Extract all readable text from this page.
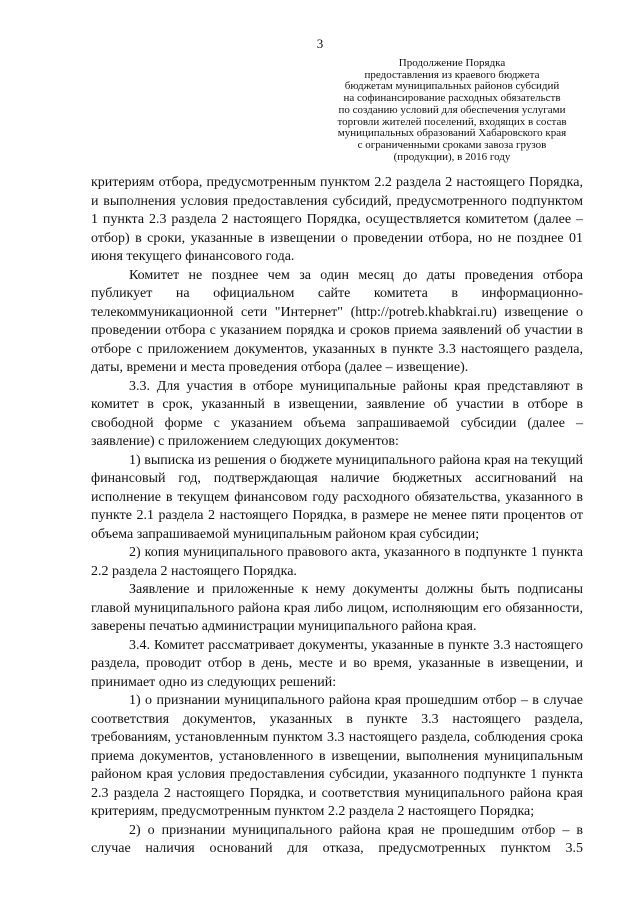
3
Продолжение Порядка
предоставления из краевого бюджета
бюджетам муниципальных районов субсидий
на софинансирование расходных обязательств
по созданию условий для обеспечения услугами
торговли жителей поселений, входящих в состав
муниципальных образований Хабаровского края
с ограниченными сроками завоза грузов
(продукции), в 2016 году

критериям отбора, предусмотренным пунктом 2.2 раздела 2 настоящего Порядка, и выполнения условия предоставления субсидий, предусмотренного подпунктом 1 пункта 2.3 раздела 2 настоящего Порядка, осуществляется комитетом (далее – отбор) в сроки, указанные в извещении о проведении отбора, но не позднее 01 июня текущего финансового года.

Комитет не позднее чем за один месяц до даты проведения отбора публикует на официальном сайте комитета в информационно-телекоммуникационной сети "Интернет" (http://potreb.khabkrai.ru) извещение о проведении отбора с указанием порядка и сроков приема заявлений об участии в отборе с приложением документов, указанных в пункте 3.3 настоящего раздела, даты, времени и места проведения отбора (далее – извещение).

3.3. Для участия в отборе муниципальные районы края представляют в комитет в срок, указанный в извещении, заявление об участии в отборе в свободной форме с указанием объема запрашиваемой субсидии (далее – заявление) с приложением следующих документов:

1) выписка из решения о бюджете муниципального района края на текущий финансовый год, подтверждающая наличие бюджетных ассигнований на исполнение в текущем финансовом году расходного обязательства, указанного в пункте 2.1 раздела 2 настоящего Порядка, в размере не менее пяти процентов от объема запрашиваемой муниципальным районом края субсидии;

2) копия муниципального правового акта, указанного в подпункте 1 пункта 2.2 раздела 2 настоящего Порядка.

Заявление и приложенные к нему документы должны быть подписаны главой муниципального района края либо лицом, исполняющим его обязанности, заверены печатью администрации муниципального района края.

3.4. Комитет рассматривает документы, указанные в пункте 3.3 настоящего раздела, проводит отбор в день, месте и во время, указанные в извещении, и принимает одно из следующих решений:

1) о признании муниципального района края прошедшим отбор – в случае соответствия документов, указанных в пункте 3.3 настоящего раздела, требованиям, установленным пунктом 3.3 настоящего раздела, соблюдения срока приема документов, установленного в извещении, выполнения муниципальным районом края условия предоставления субсидии, указанного подпункте 1 пункта 2.3 раздела 2 настоящего Порядка, и соответствия муниципального района края критериям, предусмотренным пунктом 2.2 раздела 2 настоящего Порядка;

2) о признании муниципального района края не прошедшим отбор – в случае наличия оснований для отказа, предусмотренных пунктом 3.5
